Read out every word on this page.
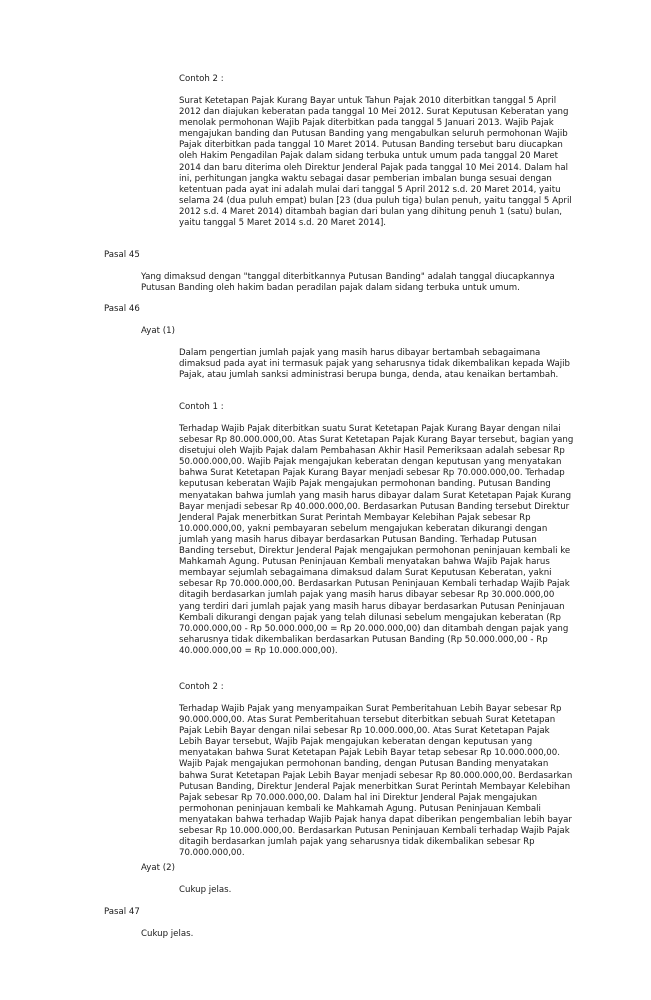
Contoh 2 :

Surat Ketetapan Pajak Kurang Bayar untuk Tahun Pajak 2010 diterbitkan tanggal 5 April 2012 dan diajukan keberatan pada tanggal 10 Mei 2012. Surat Keputusan Keberatan yang menolak permohonan Wajib Pajak diterbitkan pada tanggal 5 Januari 2013. Wajib Pajak mengajukan banding dan Putusan Banding yang mengabulkan seluruh permohonan Wajib Pajak diterbitkan pada tanggal 10 Maret 2014. Putusan Banding tersebut baru diucapkan oleh Hakim Pengadilan Pajak dalam sidang terbuka untuk umum pada tanggal 20 Maret 2014 dan baru diterima oleh Direktur Jenderal Pajak pada tanggal 10 Mei 2014. Dalam hal ini, perhitungan jangka waktu sebagai dasar pemberian imbalan bunga sesuai dengan ketentuan pada ayat ini adalah mulai dari tanggal 5 April 2012 s.d. 20 Maret 2014, yaitu selama 24 (dua puluh empat) bulan [23 (dua puluh tiga) bulan penuh, yaitu tanggal 5 April 2012 s.d. 4 Maret 2014) ditambah bagian dari bulan yang dihitung penuh 1 (satu) bulan, yaitu tanggal 5 Maret 2014 s.d. 20 Maret 2014].

Pasal 45

Yang dimaksud dengan "tanggal diterbitkannya Putusan Banding" adalah tanggal diucapkannya Putusan Banding oleh hakim badan peradilan pajak dalam sidang terbuka untuk umum.

Pasal 46

Ayat (1)

Dalam pengertian jumlah pajak yang masih harus dibayar bertambah sebagaimana dimaksud pada ayat ini termasuk pajak yang seharusnya tidak dikembalikan kepada Wajib Pajak, atau jumlah sanksi administrasi berupa bunga, denda, atau kenaikan bertambah.

Contoh 1 :

Terhadap Wajib Pajak diterbitkan suatu Surat Ketetapan Pajak Kurang Bayar dengan nilai sebesar Rp 80.000.000,00. Atas Surat Ketetapan Pajak Kurang Bayar tersebut, bagian yang disetujui oleh Wajib Pajak dalam Pembahasan Akhir Hasil Pemeriksaan adalah sebesar Rp 50.000.000,00. Wajib Pajak mengajukan keberatan dengan keputusan yang menyatakan bahwa Surat Ketetapan Pajak Kurang Bayar menjadi sebesar Rp 70.000.000,00. Terhadap keputusan keberatan Wajib Pajak mengajukan permohonan banding. Putusan Banding menyatakan bahwa jumlah yang masih harus dibayar dalam Surat Ketetapan Pajak Kurang Bayar menjadi sebesar Rp 40.000.000,00. Berdasarkan Putusan Banding tersebut Direktur Jenderal Pajak menerbitkan Surat Perintah Membayar Kelebihan Pajak sebesar Rp 10.000.000,00, yakni pembayaran sebelum mengajukan keberatan dikurangi dengan jumlah yang masih harus dibayar berdasarkan Putusan Banding. Terhadap Putusan Banding tersebut, Direktur Jenderal Pajak mengajukan permohonan peninjauan kembali ke Mahkamah Agung. Putusan Peninjauan Kembali menyatakan bahwa Wajib Pajak harus membayar sejumlah sebagaimana dimaksud dalam Surat Keputusan Keberatan, yakni sebesar Rp 70.000.000,00. Berdasarkan Putusan Peninjauan Kembali terhadap Wajib Pajak ditagih berdasarkan jumlah pajak yang masih harus dibayar sebesar Rp 30.000.000,00 yang terdiri dari jumlah pajak yang masih harus dibayar berdasarkan Putusan Peninjauan Kembali dikurangi dengan pajak yang telah dilunasi sebelum mengajukan keberatan (Rp 70.000.000,00 - Rp 50.000.000,00 = Rp 20.000.000,00) dan ditambah dengan pajak yang seharusnya tidak dikembalikan berdasarkan Putusan Banding (Rp 50.000.000,00 - Rp 40.000.000,00 = Rp 10.000.000,00).

Contoh 2 :

Terhadap Wajib Pajak yang menyampaikan Surat Pemberitahuan Lebih Bayar sebesar Rp 90.000.000,00. Atas Surat Pemberitahuan tersebut diterbitkan sebuah Surat Ketetapan Pajak Lebih Bayar dengan nilai sebesar Rp 10.000.000,00. Atas Surat Ketetapan Pajak Lebih Bayar tersebut, Wajib Pajak mengajukan keberatan dengan keputusan yang menyatakan bahwa Surat Ketetapan Pajak Lebih Bayar tetap sebesar Rp 10.000.000,00. Wajib Pajak mengajukan permohonan banding, dengan Putusan Banding menyatakan bahwa Surat Ketetapan Pajak Lebih Bayar menjadi sebesar Rp 80.000.000,00. Berdasarkan Putusan Banding, Direktur Jenderal Pajak menerbitkan Surat Perintah Membayar Kelebihan Pajak sebesar Rp 70.000.000,00. Dalam hal ini Direktur Jenderal Pajak mengajukan permohonan peninjauan kembali ke Mahkamah Agung. Putusan Peninjauan Kembali menyatakan bahwa terhadap Wajib Pajak hanya dapat diberikan pengembalian lebih bayar sebesar Rp 10.000.000,00. Berdasarkan Putusan Peninjauan Kembali terhadap Wajib Pajak ditagih berdasarkan jumlah pajak yang seharusnya tidak dikembalikan sebesar Rp 70.000.000,00.

Ayat (2)

Cukup jelas.

Pasal 47

Cukup jelas.
